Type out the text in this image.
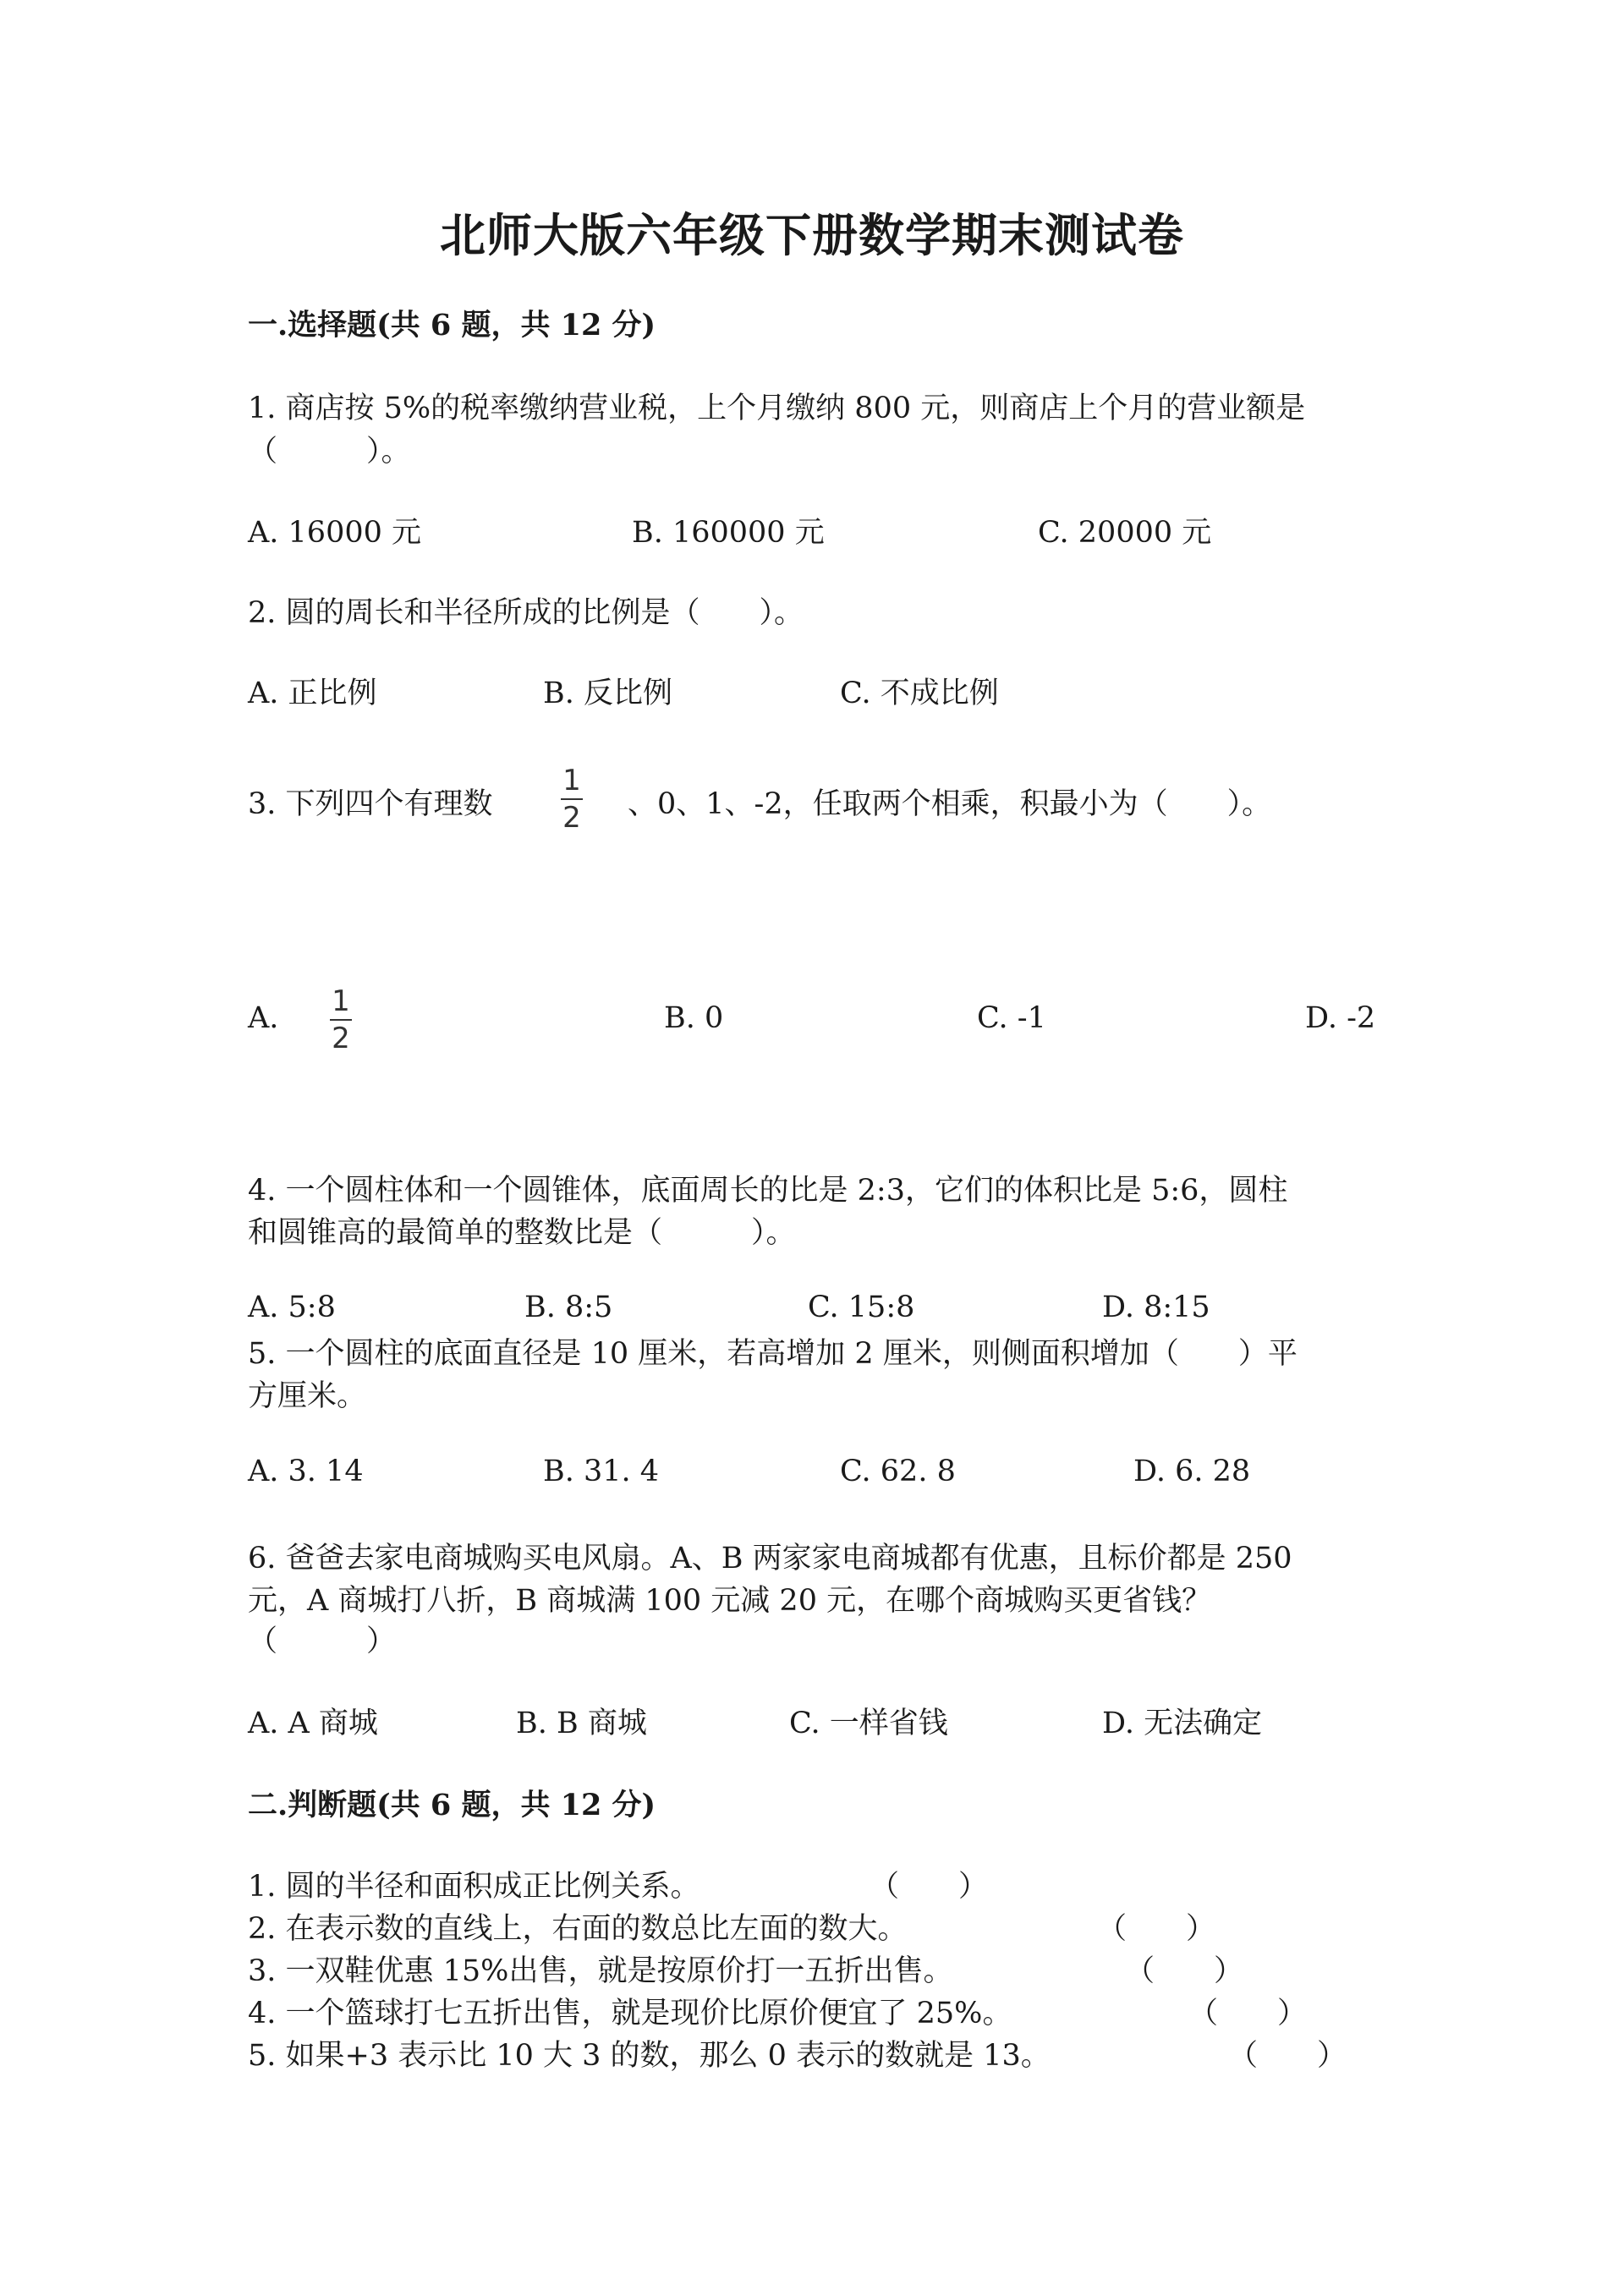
北师大版六年级下册数学期末测试卷
一.选择题(共 6 题，共 12 分)
1. 商店按 5%的税率缴纳营业税，上个月缴纳 800 元，则商店上个月的营业额是
（　　　）。
A. 16000 元	B. 160000 元	C. 20000 元
2. 圆的周长和半径所成的比例是（　　）。
A. 正比例	B. 反比例	C. 不成比例
3. 下列四个有理数
1
2 、0、1、-2，任取两个相乘，积最小为（　　）。
A. 1
2
B. 0	C. -1	D. -2
4. 一个圆柱体和一个圆锥体，底面周长的比是 2:3，它们的体积比是 5:6，圆柱
和圆锥高的最简单的整数比是（　　　）。
A. 5:8	B. 8:5	C. 15:8	D. 8:15
5. 一个圆柱的底面直径是 10 厘米，若高增加 2 厘米，则侧面积增加（　　）平
方厘米。
A. 3. 14	B. 31. 4	C. 62. 8	D. 6. 28
6. 爸爸去家电商城购买电风扇。A、B 两家家电商城都有优惠，且标价都是 250
元，A 商城打八折，B 商城满 100 元减 20 元，在哪个商城购买更省钱？
（　　　）
A. A 商城	B. B 商城	C. 一样省钱	D. 无法确定
二.判断题(共 6 题，共 12 分)
1. 圆的半径和面积成正比例关系。	（　　）
2. 在表示数的直线上，右面的数总比左面的数大。	（　　）
3. 一双鞋优惠 15%出售，就是按原价打一五折出售。	（　　）
4. 一个篮球打七五折出售，就是现价比原价便宜了 25%。	（　　）
5. 如果+3 表示比 10 大 3 的数，那么 0 表示的数就是 13。	（　　）
